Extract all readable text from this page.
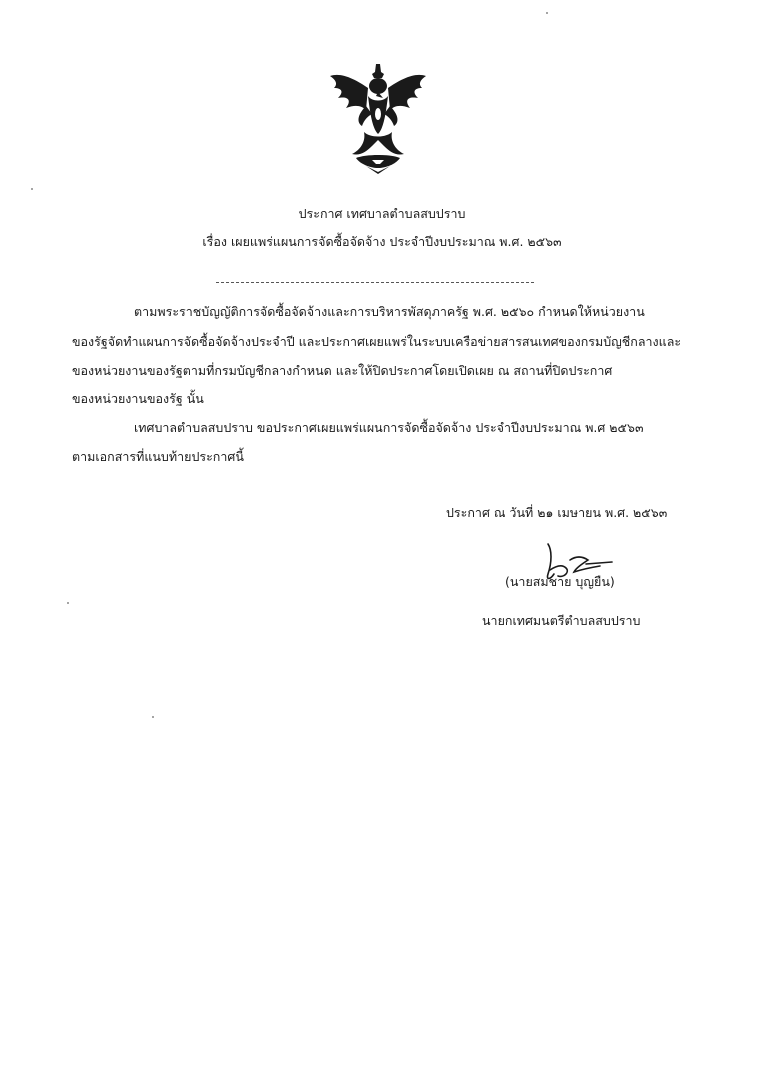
ประกาศ เทศบาลตำบลสบปราบ
เรื่อง เผยแพร่แผนการจัดซื้อจัดจ้าง ประจำปีงบประมาณ พ.ศ. ๒๕๖๓
ตามพระราชบัญญัติการจัดซื้อจัดจ้างและการบริหารพัสดุภาครัฐ พ.ศ. ๒๕๖๐ กำหนดให้หน่วยงาน
ของรัฐจัดทำแผนการจัดซื้อจัดจ้างประจำปี และประกาศเผยแพร่ในระบบเครือข่ายสารสนเทศของกรมบัญชีกลางและ
ของหน่วยงานของรัฐตามที่กรมบัญชีกลางกำหนด และให้ปิดประกาศโดยเปิดเผย ณ สถานที่ปิดประกาศ
ของหน่วยงานของรัฐ นั้น
เทศบาลตำบลสบปราบ ขอประกาศเผยแพร่แผนการจัดซื้อจัดจ้าง ประจำปีงบประมาณ พ.ศ ๒๕๖๓
ตามเอกสารที่แนบท้ายประกาศนี้
ประกาศ ณ วันที่ ๒๑ เมษายน พ.ศ. ๒๕๖๓
(นายสมชาย บุญยืน)
นายกเทศมนตรีตำบลสบปราบ
